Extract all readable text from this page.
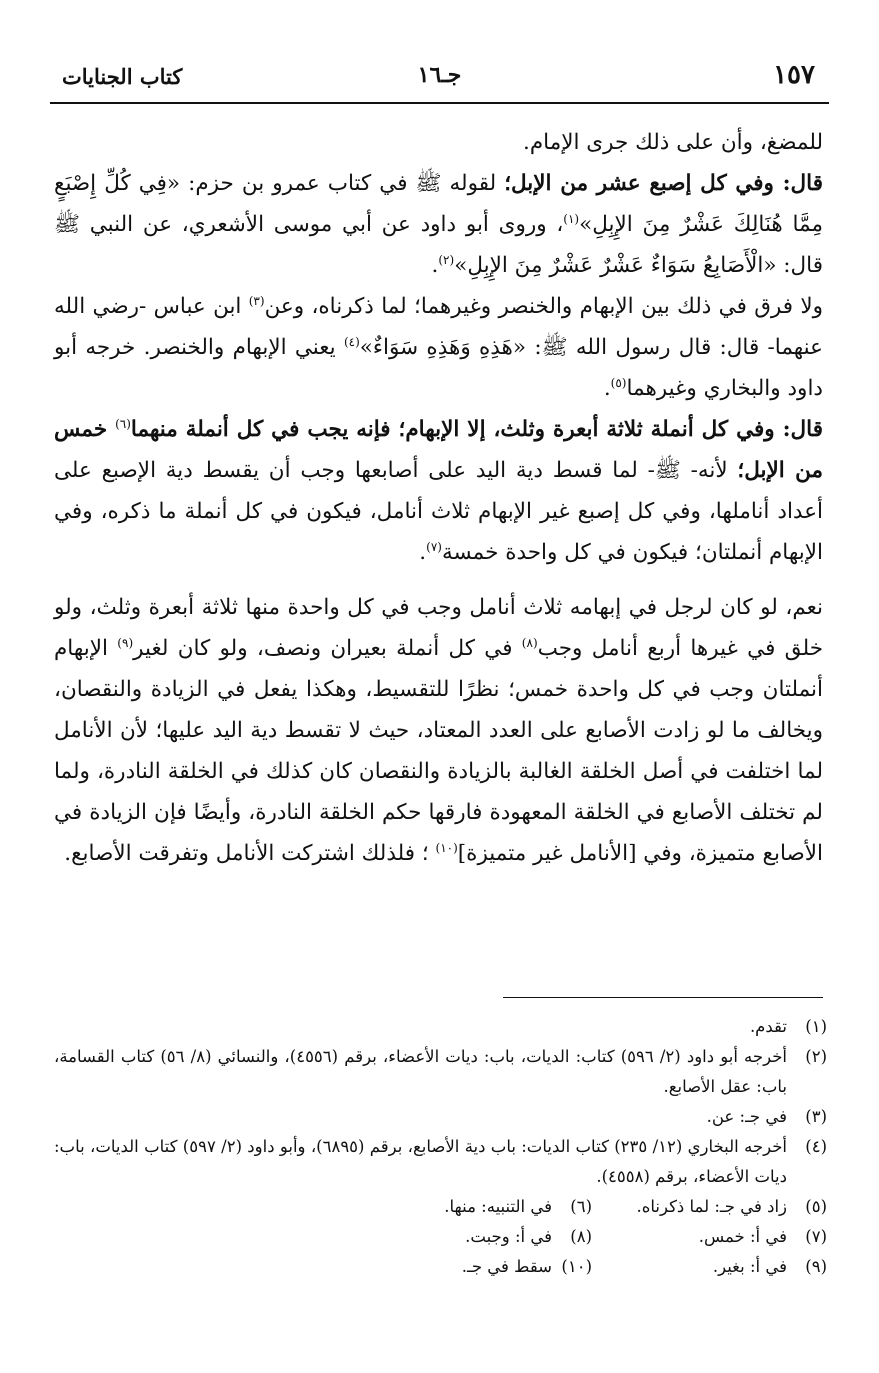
١٥٧
جـ١٦
كتاب الجنايات

للمضغ، وأن على ذلك جرى الإمام.

قال: وفي كل إصبع عشر من الإبل؛ لقوله ﷺ في كتاب عمرو بن حزم: «فِي كُلِّ إِصْبَعٍ مِمَّا هُنَالِكَ عَشْرٌ مِنَ الإِبِلِ»$^{(١)}$، وروى أبو داود عن أبي موسى الأشعري، عن النبي ﷺ قال: «الْأَصَابِعُ سَوَاءٌ عَشْرٌ عَشْرٌ مِنَ الإِبِلِ»$^{(٢)}$.

ولا فرق في ذلك بين الإبهام والخنصر وغيرهما؛ لما ذكرناه، وعن$^{(٣)}$ ابن عباس -رضي الله عنهما- قال: قال رسول الله ﷺ: «هَذِهِ وَهَذِهِ سَوَاءٌ»$^{(٤)}$ يعني الإبهام والخنصر. خرجه أبو داود والبخاري وغيرهما$^{(٥)}$.

قال: وفي كل أنملة ثلاثة أبعرة وثلث، إلا الإبهام؛ فإنه يجب في كل أنملة منهما$^{(٦)}$ خمس من الإبل؛ لأنه- ﷺ- لما قسط دية اليد على أصابعها وجب أن يقسط دية الإصبع على أعداد أناملها، وفي كل إصبع غير الإبهام ثلاث أنامل، فيكون في كل أنملة ما ذكره، وفي الإبهام أنملتان؛ فيكون في كل واحدة خمسة$^{(٧)}$.

نعم، لو كان لرجل في إبهامه ثلاث أنامل وجب في كل واحدة منها ثلاثة أبعرة وثلث، ولو خلق في غيرها أربع أنامل وجب$^{(٨)}$ في كل أنملة بعيران ونصف، ولو كان لغير$^{(٩)}$ الإبهام أنملتان وجب في كل واحدة خمس؛ نظرًا للتقسيط، وهكذا يفعل في الزيادة والنقصان، ويخالف ما لو زادت الأصابع على العدد المعتاد، حيث لا تقسط دية اليد عليها؛ لأن الأنامل لما اختلفت في أصل الخلقة الغالبة بالزيادة والنقصان كان كذلك في الخلقة النادرة، ولما لم تختلف الأصابع في الخلقة المعهودة فارقها حكم الخلقة النادرة، وأيضًا فإن الزيادة في الأصابع متميزة، وفي [الأنامل غير متميزة]$^{(١٠)}$ ؛ فلذلك اشتركت الأنامل وتفرقت الأصابع.

(١)
تقدم.
(٢)
أخرجه أبو داود (٢/ ٥٩٦) كتاب: الديات، باب: ديات الأعضاء، برقم (٤٥٥٦)، والنسائي (٨/ ٥٦) كتاب القسامة، باب: عقل الأصابع.
(٣)
في جـ: عن.
(٤)
أخرجه البخاري (١٢/ ٢٣٥) كتاب الديات: باب دية الأصابع، برقم (٦٨٩٥)، وأبو داود (٢/ ٥٩٧) كتاب الديات، باب: ديات الأعضاء، برقم (٤٥٥٨).
(٥)
زاد في جـ: لما ذكرناه.
(٦)
في التنبيه: منها.
(٧)
في أ: خمس.
(٨)
في أ: وجبت.
(٩)
في أ: بغير.
(١٠)
سقط في جـ.
